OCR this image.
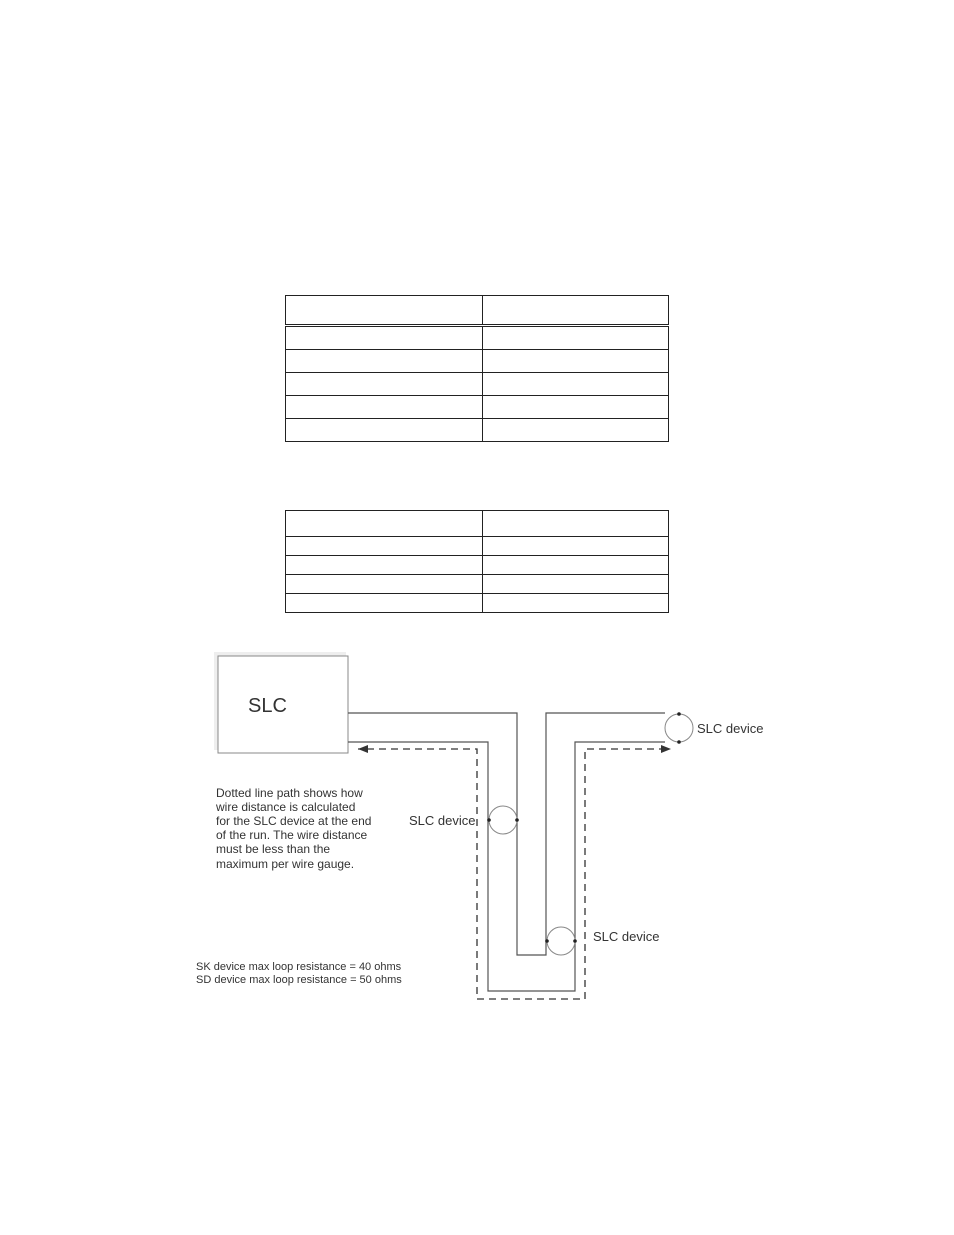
SLC
SLC device
SLC device
SLC device
Dotted line path shows how
wire distance is calculated
for the SLC device at the end
of the run. The wire distance
must be less than the
maximum per wire gauge.
SK device max loop resistance = 40 ohms
SD device max loop resistance = 50 ohms
